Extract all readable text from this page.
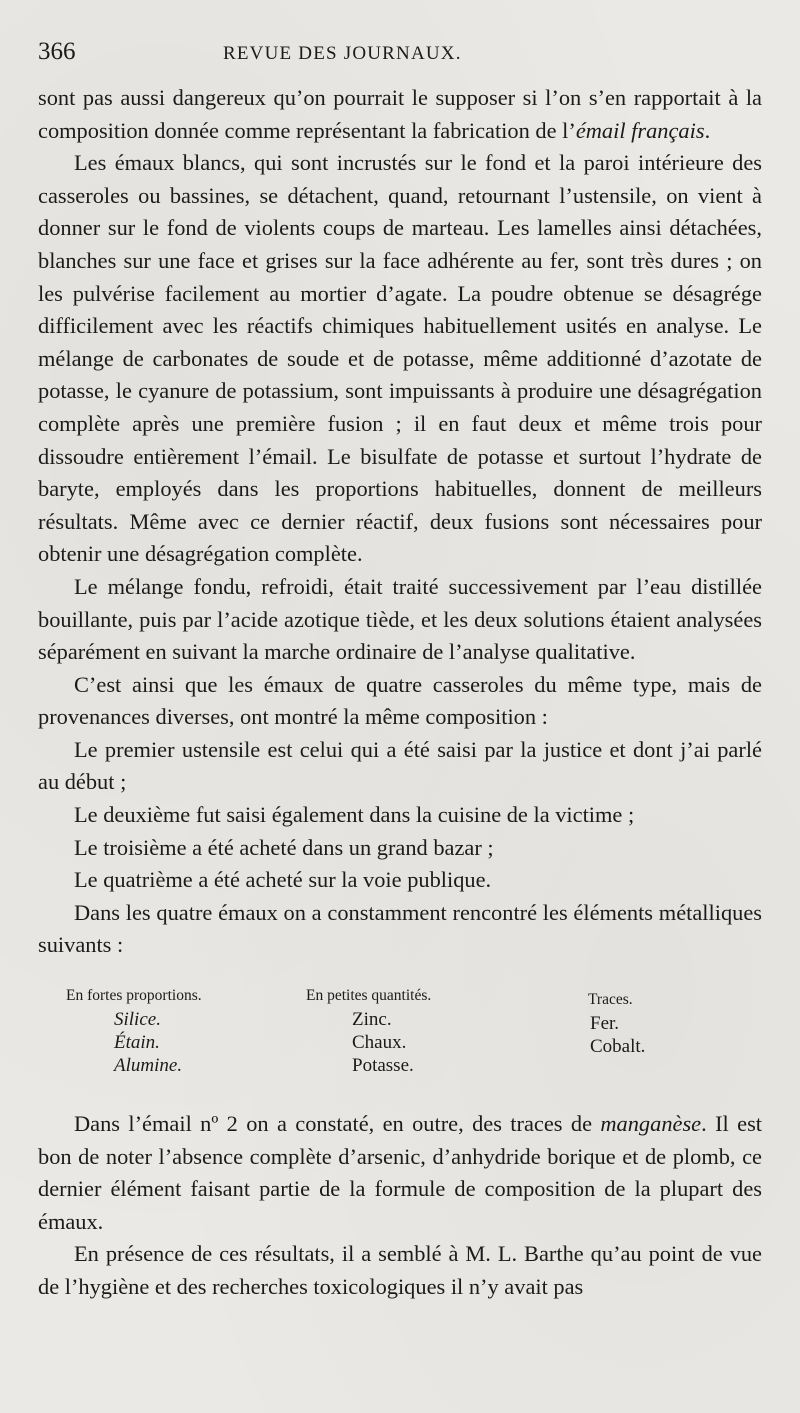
366	REVUE DES JOURNAUX.

sont pas aussi dangereux qu’on pourrait le supposer si l’on s’en rapportait à la composition donnée comme représentant la fabrication de l’émail français.

Les émaux blancs, qui sont incrustés sur le fond et la paroi intérieure des casseroles ou bassines, se détachent, quand, retournant l’ustensile, on vient à donner sur le fond de violents coups de marteau. Les lamelles ainsi détachées, blanches sur une face et grises sur la face adhérente au fer, sont très dures ; on les pulvérise facilement au mortier d’agate. La poudre obtenue se désagrége difficilement avec les réactifs chimiques habituellement usités en analyse. Le mélange de carbonates de soude et de potasse, même additionné d’azotate de potasse, le cyanure de potassium, sont impuissants à produire une désagrégation complète après une première fusion ; il en faut deux et même trois pour dissoudre entièrement l’émail. Le bisulfate de potasse et surtout l’hydrate de baryte, employés dans les proportions habituelles, donnent de meilleurs résultats. Même avec ce dernier réactif, deux fusions sont nécessaires pour obtenir une désagrégation complète.

Le mélange fondu, refroidi, était traité successivement par l’eau distillée bouillante, puis par l’acide azotique tiède, et les deux solutions étaient analysées séparément en suivant la marche ordinaire de l’analyse qualitative.

C’est ainsi que les émaux de quatre casseroles du même type, mais de provenances diverses, ont montré la même composition :

Le premier ustensile est celui qui a été saisi par la justice et dont j’ai parlé au début ;

Le deuxième fut saisi également dans la cuisine de la victime ;

Le troisième a été acheté dans un grand bazar ;

Le quatrième a été acheté sur la voie publique.

Dans les quatre émaux on a constamment rencontré les éléments métalliques suivants :

En fortes proportions.
Silice.
Étain.
Alumine.
En petites quantités.
Zinc.
Chaux.
Potasse.
Traces.
Fer.
Cobalt.

Dans l’émail nº 2 on a constaté, en outre, des traces de manganèse. Il est bon de noter l’absence complète d’arsenic, d’anhydride borique et de plomb, ce dernier élément faisant partie de la formule de composition de la plupart des émaux.

En présence de ces résultats, il a semblé à M. L. Barthe qu’au point de vue de l’hygiène et des recherches toxicologiques il n’y avait pas
